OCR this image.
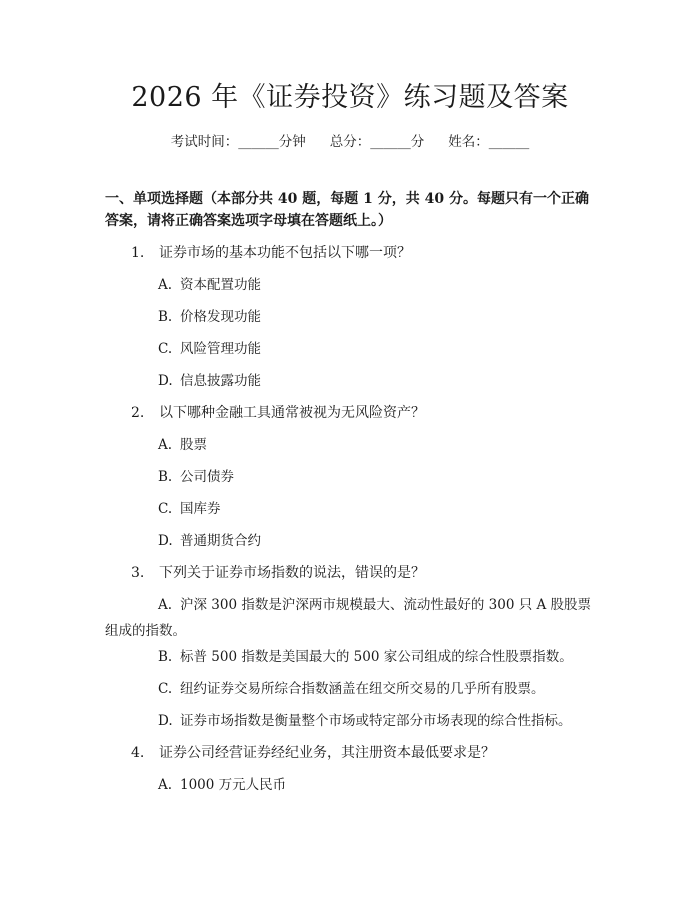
2026 年《证券投资》练习题及答案
考试时间：______分钟 总分：______分 姓名：______
一、单项选择题（本部分共 40 题，每题 1 分，共 40 分。每题只有一个正确答案，请将正确答案选项字母填在答题纸上。）
1. 证券市场的基本功能不包括以下哪一项？
A. 资本配置功能
B. 价格发现功能
C. 风险管理功能
D. 信息披露功能
2. 以下哪种金融工具通常被视为无风险资产？
A. 股票
B. 公司债券
C. 国库券
D. 普通期货合约
3. 下列关于证券市场指数的说法，错误的是？
A. 沪深 300 指数是沪深两市规模最大、流动性最好的 300 只 A 股股票组成的指数。
B. 标普 500 指数是美国最大的 500 家公司组成的综合性股票指数。
C. 纽约证券交易所综合指数涵盖在纽交所交易的几乎所有股票。
D. 证券市场指数是衡量整个市场或特定部分市场表现的综合性指标。
4. 证券公司经营证券经纪业务，其注册资本最低要求是？
A. 1000 万元人民币
